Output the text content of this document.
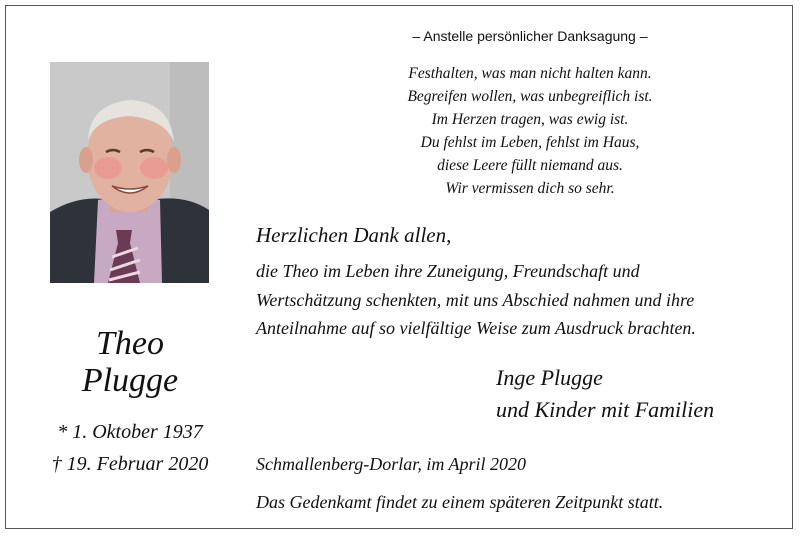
Theo
Plugge
* 1. Oktober 1937
† 19. Februar 2020
– Anstelle persönlicher Danksagung –
Festhalten, was man nicht halten kann.
Begreifen wollen, was unbegreiflich ist.
Im Herzen tragen, was ewig ist.
Du fehlst im Leben, fehlst im Haus,
diese Leere füllt niemand aus.
Wir vermissen dich so sehr.
Herzlichen Dank allen,
die Theo im Leben ihre Zuneigung, Freundschaft und
Wertschätzung schenkten, mit uns Abschied nahmen und ihre
Anteilnahme auf so vielfältige Weise zum Ausdruck brachten.
Inge Plugge
und Kinder mit Familien
Schmallenberg-Dorlar, im April 2020
Das Gedenkamt findet zu einem späteren Zeitpunkt statt.
